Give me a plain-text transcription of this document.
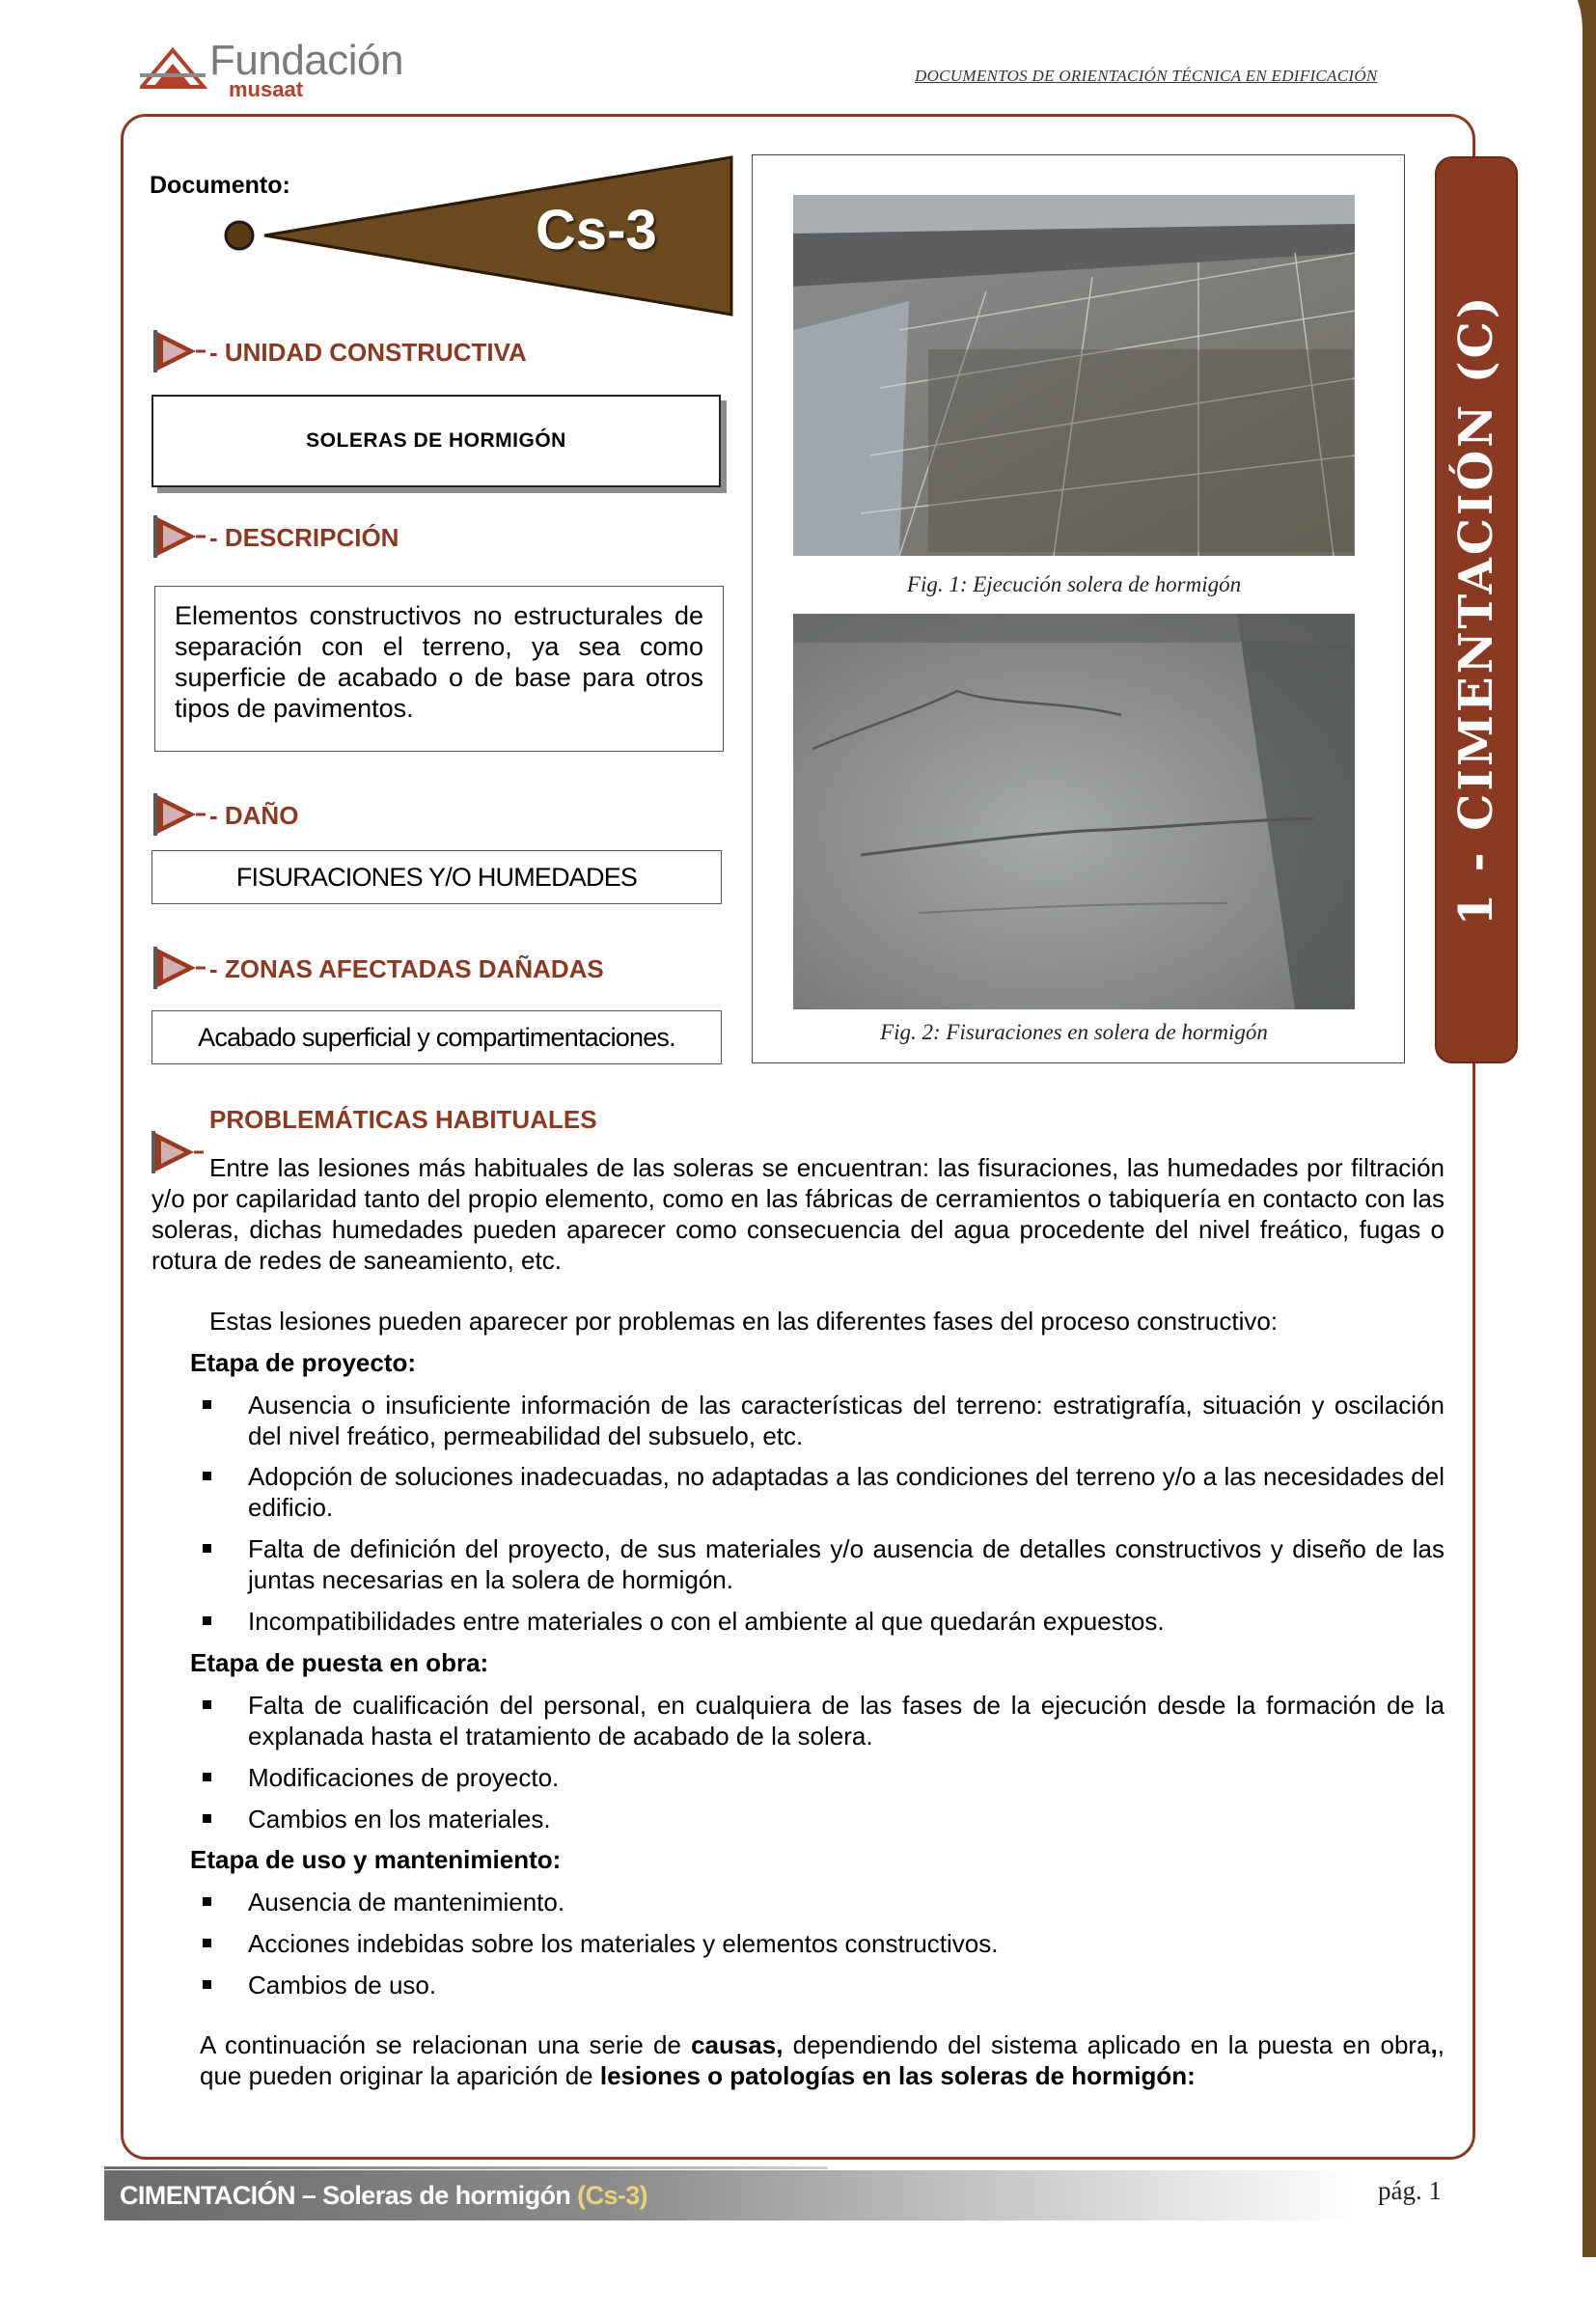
Fundación
musaat
DOCUMENTOS DE ORIENTACIÓN TÉCNICA EN EDIFICACIÓN
Documento:
Cs-3
- UNIDAD CONSTRUCTIVA
SOLERAS DE HORMIGÓN
- DESCRIPCIÓN
Elementos constructivos no estructurales de separación con el terreno, ya sea como superficie de acabado o de base para otros tipos de pavimentos.
- DAÑO
FISURACIONES Y/O HUMEDADES
- ZONAS AFECTADAS DAÑADAS
Acabado superficial y compartimentaciones.
Fig. 1: Ejecución solera de hormigón
Fig. 2: Fisuraciones en solera de hormigón
1 - CIMENTACIÓN (C)
PROBLEMÁTICAS HABITUALES
Entre las lesiones más habituales de las soleras se encuentran: las fisuraciones, las humedades por filtración y/o por capilaridad tanto del propio elemento, como en las fábricas de cerramientos o tabiquería en contacto con las soleras, dichas humedades pueden aparecer como consecuencia del agua procedente del nivel freático, fugas o rotura de redes de saneamiento, etc.
Estas lesiones pueden aparecer por problemas en las diferentes fases del proceso constructivo:
Etapa de proyecto:
Ausencia o insuficiente información de las características del terreno: estratigrafía, situación y oscilación del nivel freático, permeabilidad del subsuelo, etc.
Adopción de soluciones inadecuadas, no adaptadas a las condiciones del terreno y/o a las necesidades del edificio.
Falta de definición del proyecto, de sus materiales y/o ausencia de detalles constructivos y diseño de las juntas necesarias en la solera de hormigón.
Incompatibilidades entre materiales o con el ambiente al que quedarán expuestos.
Etapa de puesta en obra:
Falta de cualificación del personal, en cualquiera de las fases de la ejecución desde la formación de la explanada hasta el tratamiento de acabado de la solera.
Modificaciones de proyecto.
Cambios en los materiales.
Etapa de uso y mantenimiento:
Ausencia de mantenimiento.
Acciones indebidas sobre los materiales y elementos constructivos.
Cambios de uso.
A continuación se relacionan una serie de causas, dependiendo del sistema aplicado en la puesta en obra,, que pueden originar la aparición de lesiones o patologías en las soleras de hormigón:
CIMENTACIÓN – Soleras de hormigón (Cs-3)	pág. 1
